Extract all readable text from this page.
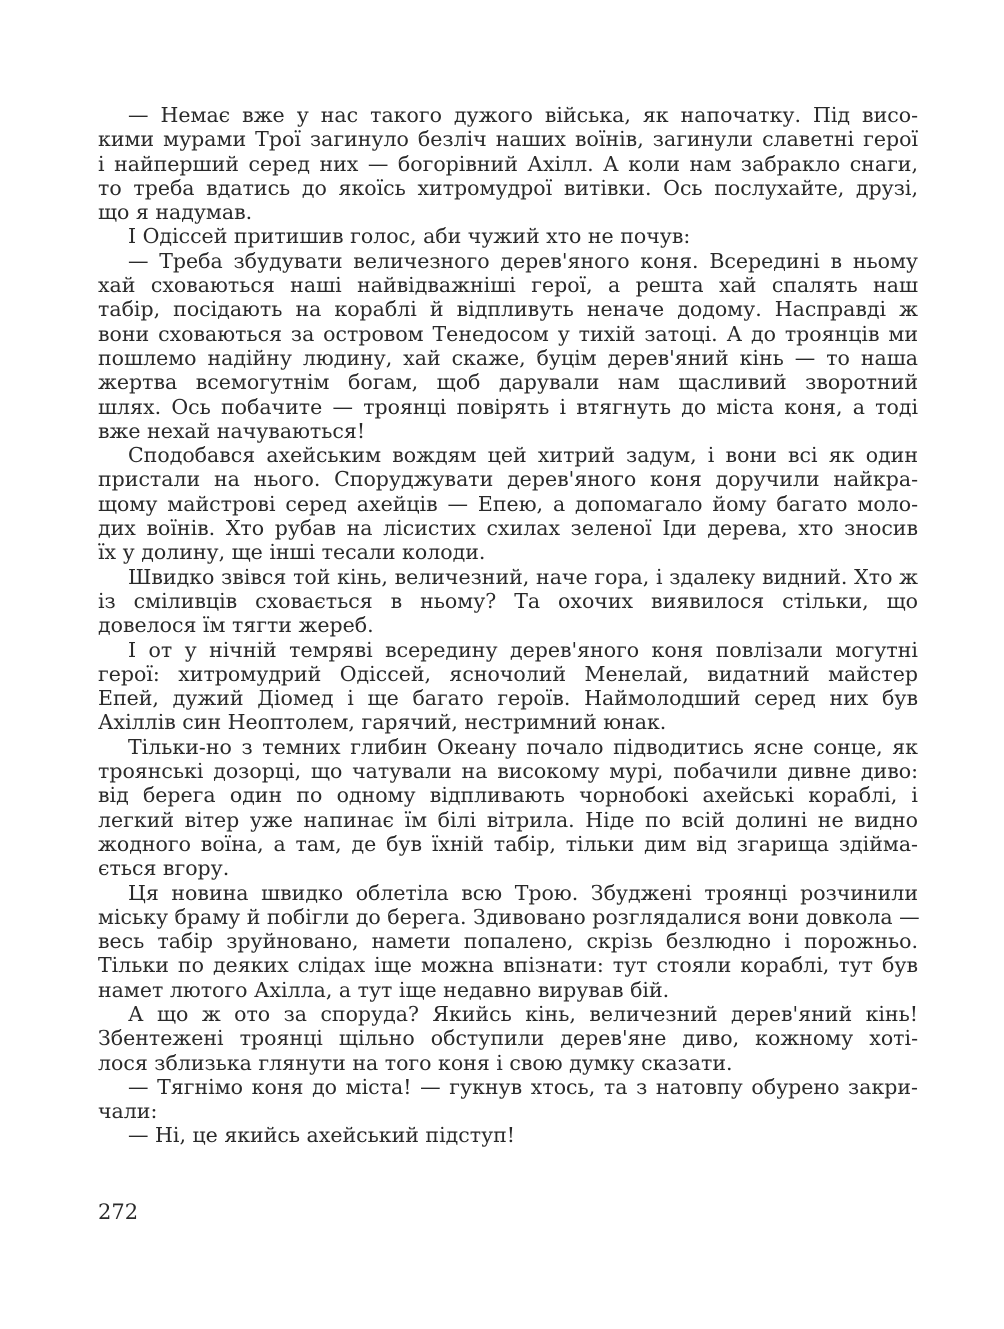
— Немає вже у нас такого дужого війська, як напочатку. Під висо-
кими мурами Трої загинуло безліч наших воїнів, загинули славетні герої
і найперший серед них — богорівний Ахілл. А коли нам забракло снаги,
то треба вдатись до якоїсь хитромудрої витівки. Ось послухайте, друзі,
що я надумав.
І Одіссей притишив голос, аби чужий хто не почув:
— Треба збудувати величезного дерев'яного коня. Всередині в ньому
хай сховаються наші найвідважніші герої, а решта хай спалять наш
табір, посідають на кораблі й відпливуть неначе додому. Насправді ж
вони сховаються за островом Тенедосом у тихій затоці. А до троянців ми
пошлемо надійну людину, хай скаже, буцім дерев'яний кінь — то наша
жертва всемогутнім богам, щоб дарували нам щасливий зворотний
шлях. Ось побачите — троянці повірять і втягнуть до міста коня, а тоді
вже нехай начуваються!
Сподобався ахейським вождям цей хитрий задум, і вони всі як один
пристали на нього. Споруджувати дерев'яного коня доручили найкра-
щому майстрові серед ахейців — Епею, а допомагало йому багато моло-
дих воїнів. Хто рубав на лісистих схилах зеленої Іди дерева, хто зносив
їх у долину, ще інші тесали колоди.
Швидко звівся той кінь, величезний, наче гора, і здалеку видний. Хто ж
із сміливців сховається в ньому? Та охочих виявилося стільки, що
довелося їм тягти жереб.
І от у нічній темряві всередину дерев'яного коня повлізали могутні
герої: хитромудрий Одіссей, ясночолий Менелай, видатний майстер
Епей, дужий Діомед і ще багато героїв. Наймолодший серед них був
Ахіллів син Неоптолем, гарячий, нестримний юнак.
Тільки-но з темних глибин Океану почало підводитись ясне сонце, як
троянські дозорці, що чатували на високому мурі, побачили дивне диво:
від берега один по одному відпливають чорнобокі ахейські кораблі, і
легкий вітер уже напинає їм білі вітрила. Ніде по всій долині не видно
жодного воїна, а там, де був їхній табір, тільки дим від згарища здійма-
ється вгору.
Ця новина швидко облетіла всю Трою. Збуджені троянці розчинили
міську браму й побігли до берега. Здивовано розглядалися вони довкола —
весь табір зруйновано, намети попалено, скрізь безлюдно і порожньо.
Тільки по деяких слідах іще можна впізнати: тут стояли кораблі, тут був
намет лютого Ахілла, а тут іще недавно вирував бій.
А що ж ото за споруда? Якийсь кінь, величезний дерев'яний кінь!
Збентежені троянці щільно обступили дерев'яне диво, кожному хоті-
лося зблизька глянути на того коня і свою думку сказати.
— Тягнімо коня до міста! — гукнув хтось, та з натовпу обурено закри-
чали:
— Ні, це якийсь ахейський підступ!
272
